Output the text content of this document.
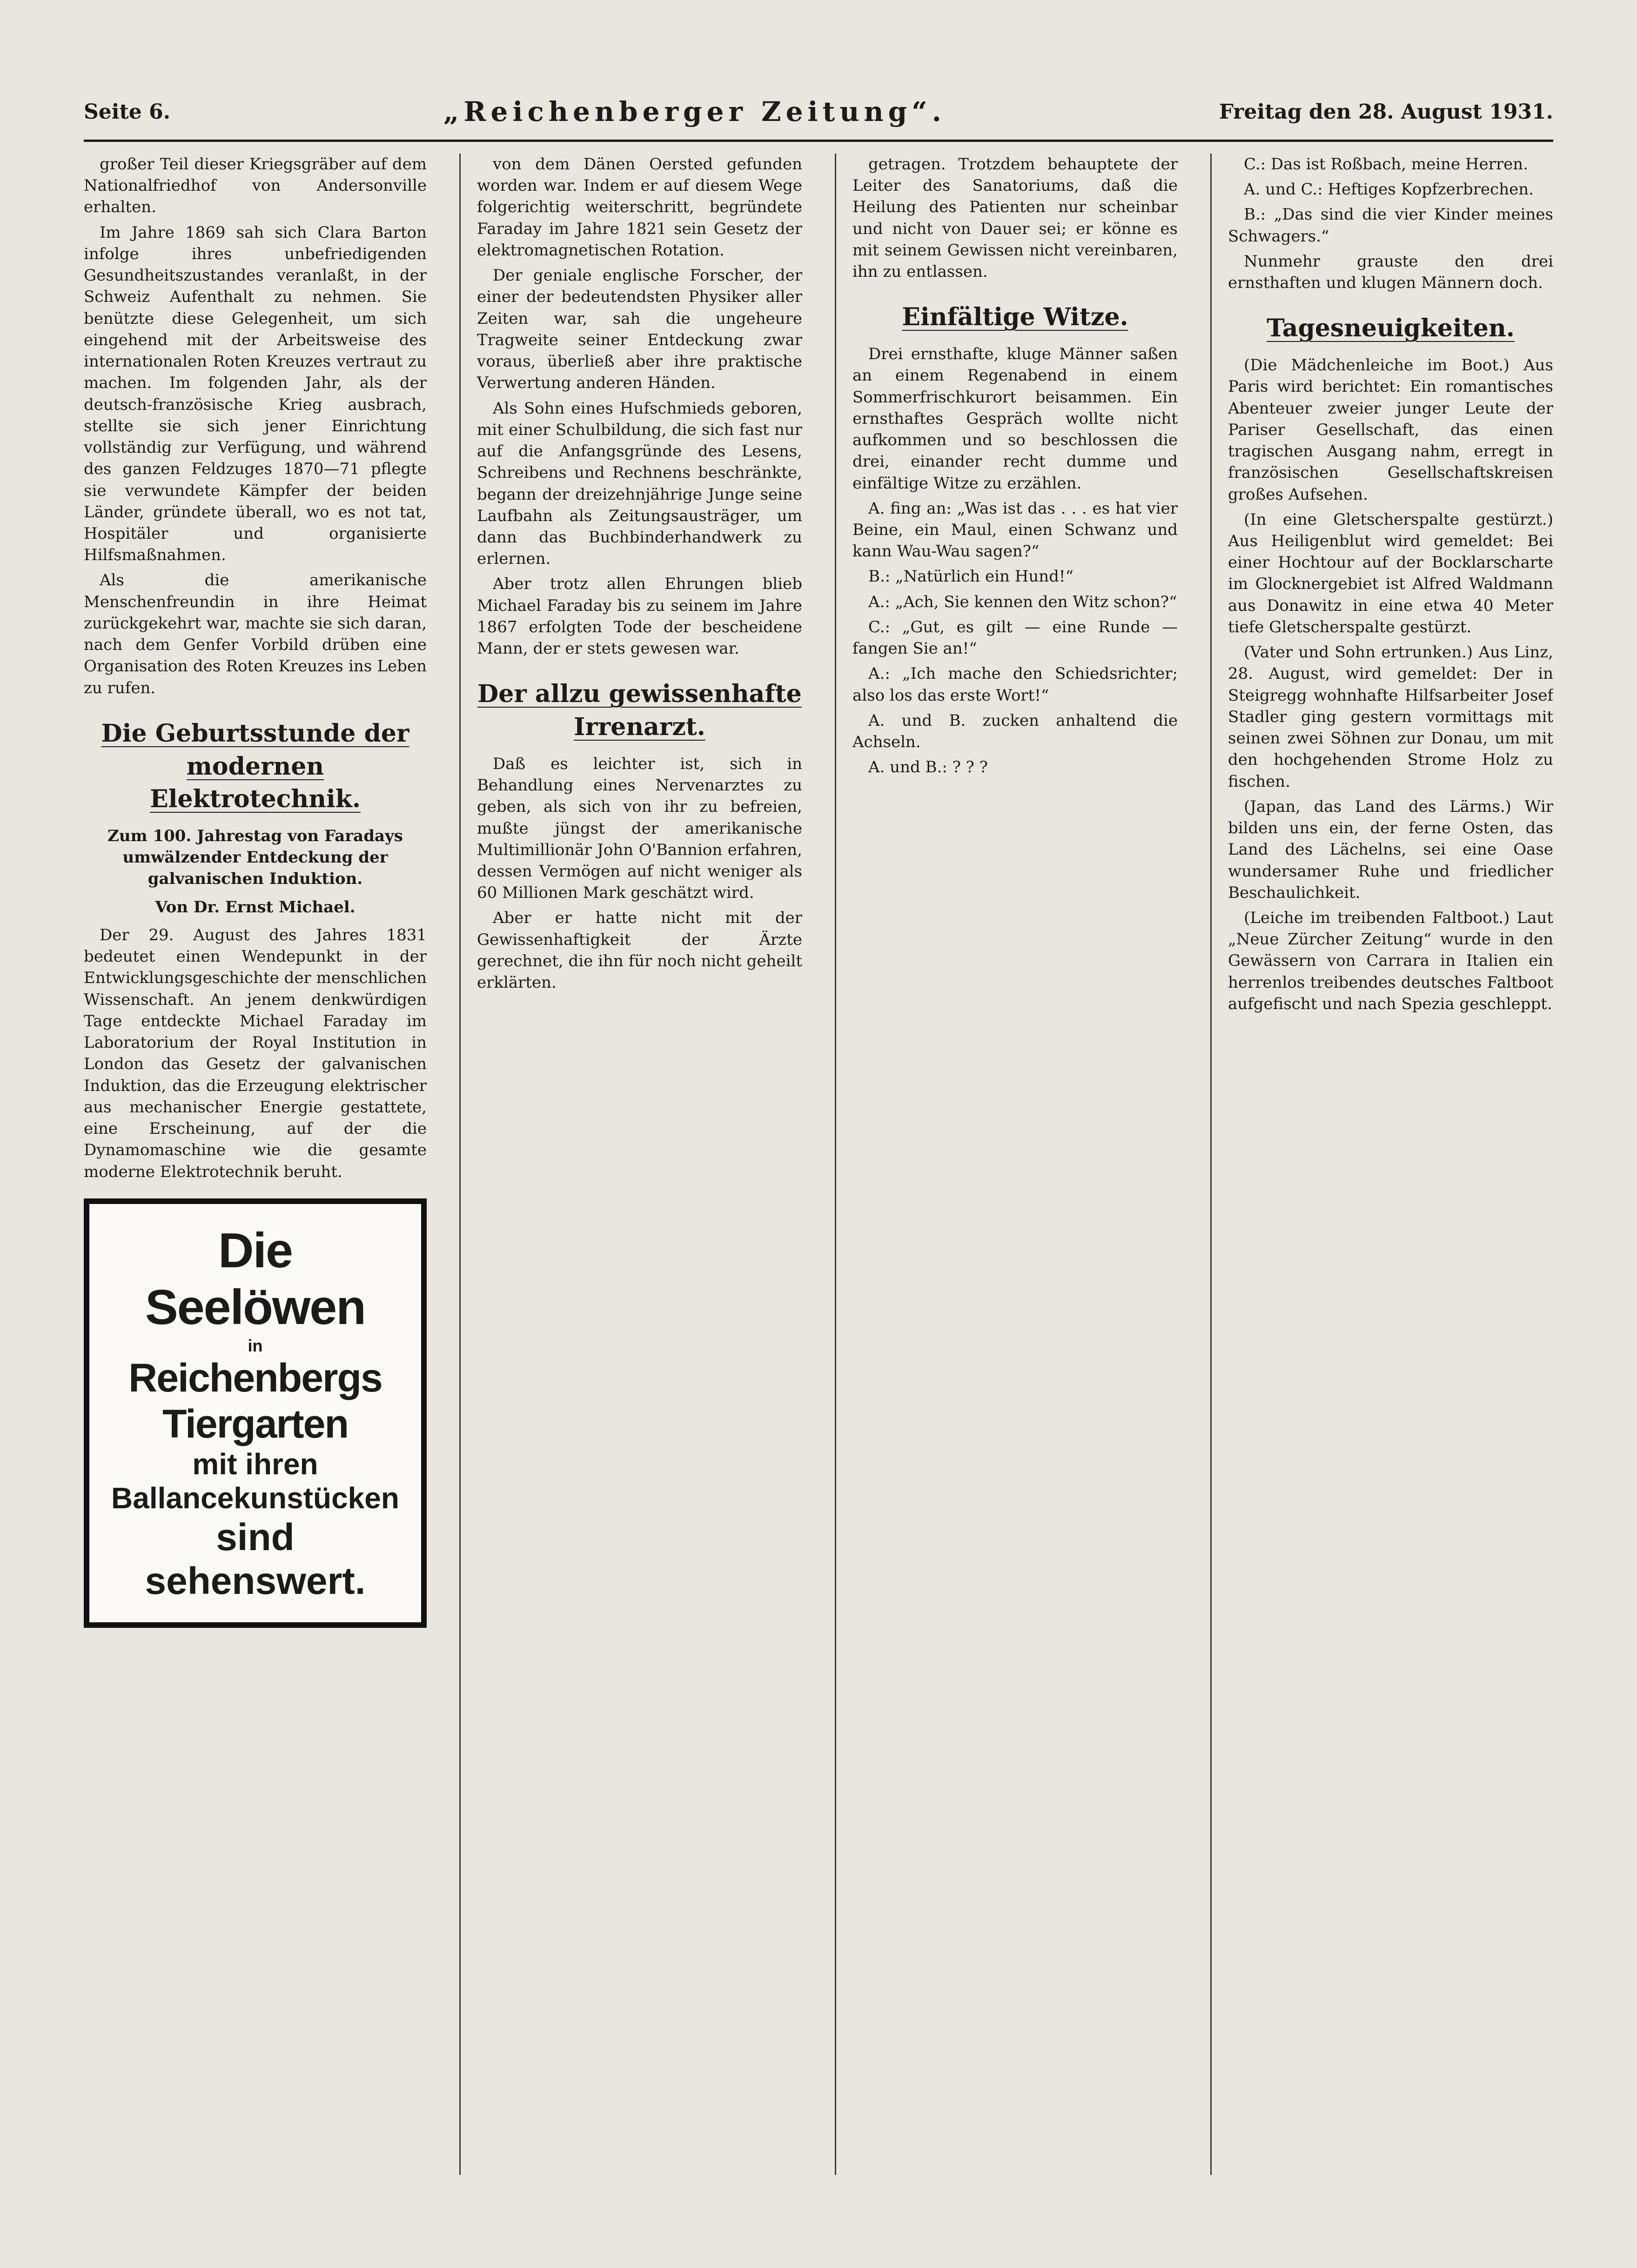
Seite 6.	„Reichenberger Zeitung“.	Freitag den 28. August 1931.

großer Teil dieser Kriegsgräber auf dem Nationalfriedhof von Andersonville erhalten.

Im Jahre 1869 sah sich Clara Barton infolge ihres unbefriedigenden Gesundheitszustandes veranlaßt, in der Schweiz Aufenthalt zu nehmen. Sie benützte diese Gelegenheit, um sich eingehend mit der Arbeitsweise des internationalen Roten Kreuzes vertraut zu machen. Im folgenden Jahr, als der deutsch-französische Krieg ausbrach, stellte sie sich jener Einrichtung vollständig zur Verfügung, und während des ganzen Feldzuges 1870—71 pflegte sie verwundete Kämpfer der beiden Länder, gründete überall, wo es not tat, Hospitäler und organisierte Hilfsmaßnahmen.

Als die amerikanische Menschenfreundin in ihre Heimat zurückgekehrt war, machte sie sich daran, nach dem Genfer Vorbild drüben eine Organisation des Roten Kreuzes ins Leben zu rufen.

Die Geburtsstunde der modernen Elektrotechnik.
Zum 100. Jahrestag von Faradays umwälzender Entdeckung der galvanischen Induktion.
Von Dr. Ernst Michael.

Der 29. August des Jahres 1831 bedeutet einen Wendepunkt in der Entwicklungsgeschichte der menschlichen Wissenschaft. An jenem denkwürdigen Tage entdeckte Michael Faraday im Laboratorium der Royal Institution in London das Gesetz der galvanischen Induktion, das die Erzeugung elektrischer aus mechanischer Energie gestattete, eine Erscheinung, auf der die Dynamomaschine wie die gesamte moderne Elektrotechnik beruht.

Die Seelöwen
in
Reichenbergs Tiergarten
mit ihren Ballancekunstücken
sind sehenswert.

von dem Dänen Oersted gefunden worden war. Indem er auf diesem Wege folgerichtig weiterschritt, begründete Faraday im Jahre 1821 sein Gesetz der elektromagnetischen Rotation.

Der geniale englische Forscher, der einer der bedeutendsten Physiker aller Zeiten war, sah die ungeheure Tragweite seiner Entdeckung zwar voraus, überließ aber ihre praktische Verwertung anderen Händen.

Als Sohn eines Hufschmieds geboren, mit einer Schulbildung, die sich fast nur auf die Anfangsgründe des Lesens, Schreibens und Rechnens beschränkte, begann der dreizehnjährige Junge seine Laufbahn als Zeitungsausträger, um dann das Buchbinderhandwerk zu erlernen.

Aber trotz allen Ehrungen blieb Michael Faraday bis zu seinem im Jahre 1867 erfolgten Tode der bescheidene Mann, der er stets gewesen war.

Der allzu gewissenhafte Irrenarzt.

Daß es leichter ist, sich in Behandlung eines Nervenarztes zu geben, als sich von ihr zu befreien, mußte jüngst der amerikanische Multimillionär John O'Bannion erfahren, dessen Vermögen auf nicht weniger als 60 Millionen Mark geschätzt wird.

Aber er hatte nicht mit der Gewissenhaftigkeit der Ärzte gerechnet, die ihn für noch nicht geheilt erklärten.

getragen. Trotzdem behauptete der Leiter des Sanatoriums, daß die Heilung des Patienten nur scheinbar und nicht von Dauer sei; er könne es mit seinem Gewissen nicht vereinbaren, ihn zu entlassen.

Einfältige Witze.

Drei ernsthafte, kluge Männer saßen an einem Regenabend in einem Sommerfrischkurort beisammen. Ein ernsthaftes Gespräch wollte nicht aufkommen und so beschlossen die drei, einander recht dumme und einfältige Witze zu erzählen.

A. fing an: „Was ist das . . . es hat vier Beine, ein Maul, einen Schwanz und kann Wau-Wau sagen?“

B.: „Natürlich ein Hund!“

A.: „Ach, Sie kennen den Witz schon?“

C.: „Gut, es gilt — eine Runde — fangen Sie an!“

A.: „Ich mache den Schiedsrichter; also los das erste Wort!“

A. und B. zucken anhaltend die Achseln.

A. und B.: ? ? ?

C.: Das ist Roßbach, meine Herren.

A. und C.: Heftiges Kopfzerbrechen.

B.: „Das sind die vier Kinder meines Schwagers.“

Nunmehr grauste den drei ernsthaften und klugen Männern doch.

Tagesneuigkeiten.

(Die Mädchenleiche im Boot.) Aus Paris wird berichtet: Ein romantisches Abenteuer zweier junger Leute der Pariser Gesellschaft, das einen tragischen Ausgang nahm, erregt in französischen Gesellschaftskreisen großes Aufsehen.

(In eine Gletscherspalte gestürzt.) Aus Heiligenblut wird gemeldet: Bei einer Hochtour auf der Bocklarscharte im Glocknergebiet ist Alfred Waldmann aus Donawitz in eine etwa 40 Meter tiefe Gletscherspalte gestürzt.

(Vater und Sohn ertrunken.) Aus Linz, 28. August, wird gemeldet: Der in Steigregg wohnhafte Hilfsarbeiter Josef Stadler ging gestern vormittags mit seinen zwei Söhnen zur Donau, um mit den hochgehenden Strome Holz zu fischen.

(Japan, das Land des Lärms.) Wir bilden uns ein, der ferne Osten, das Land des Lächelns, sei eine Oase wundersamer Ruhe und friedlicher Beschaulichkeit.

(Leiche im treibenden Faltboot.) Laut „Neue Zürcher Zeitung“ wurde in den Gewässern von Carrara in Italien ein herrenlos treibendes deutsches Faltboot aufgefischt und nach Spezia geschleppt.
